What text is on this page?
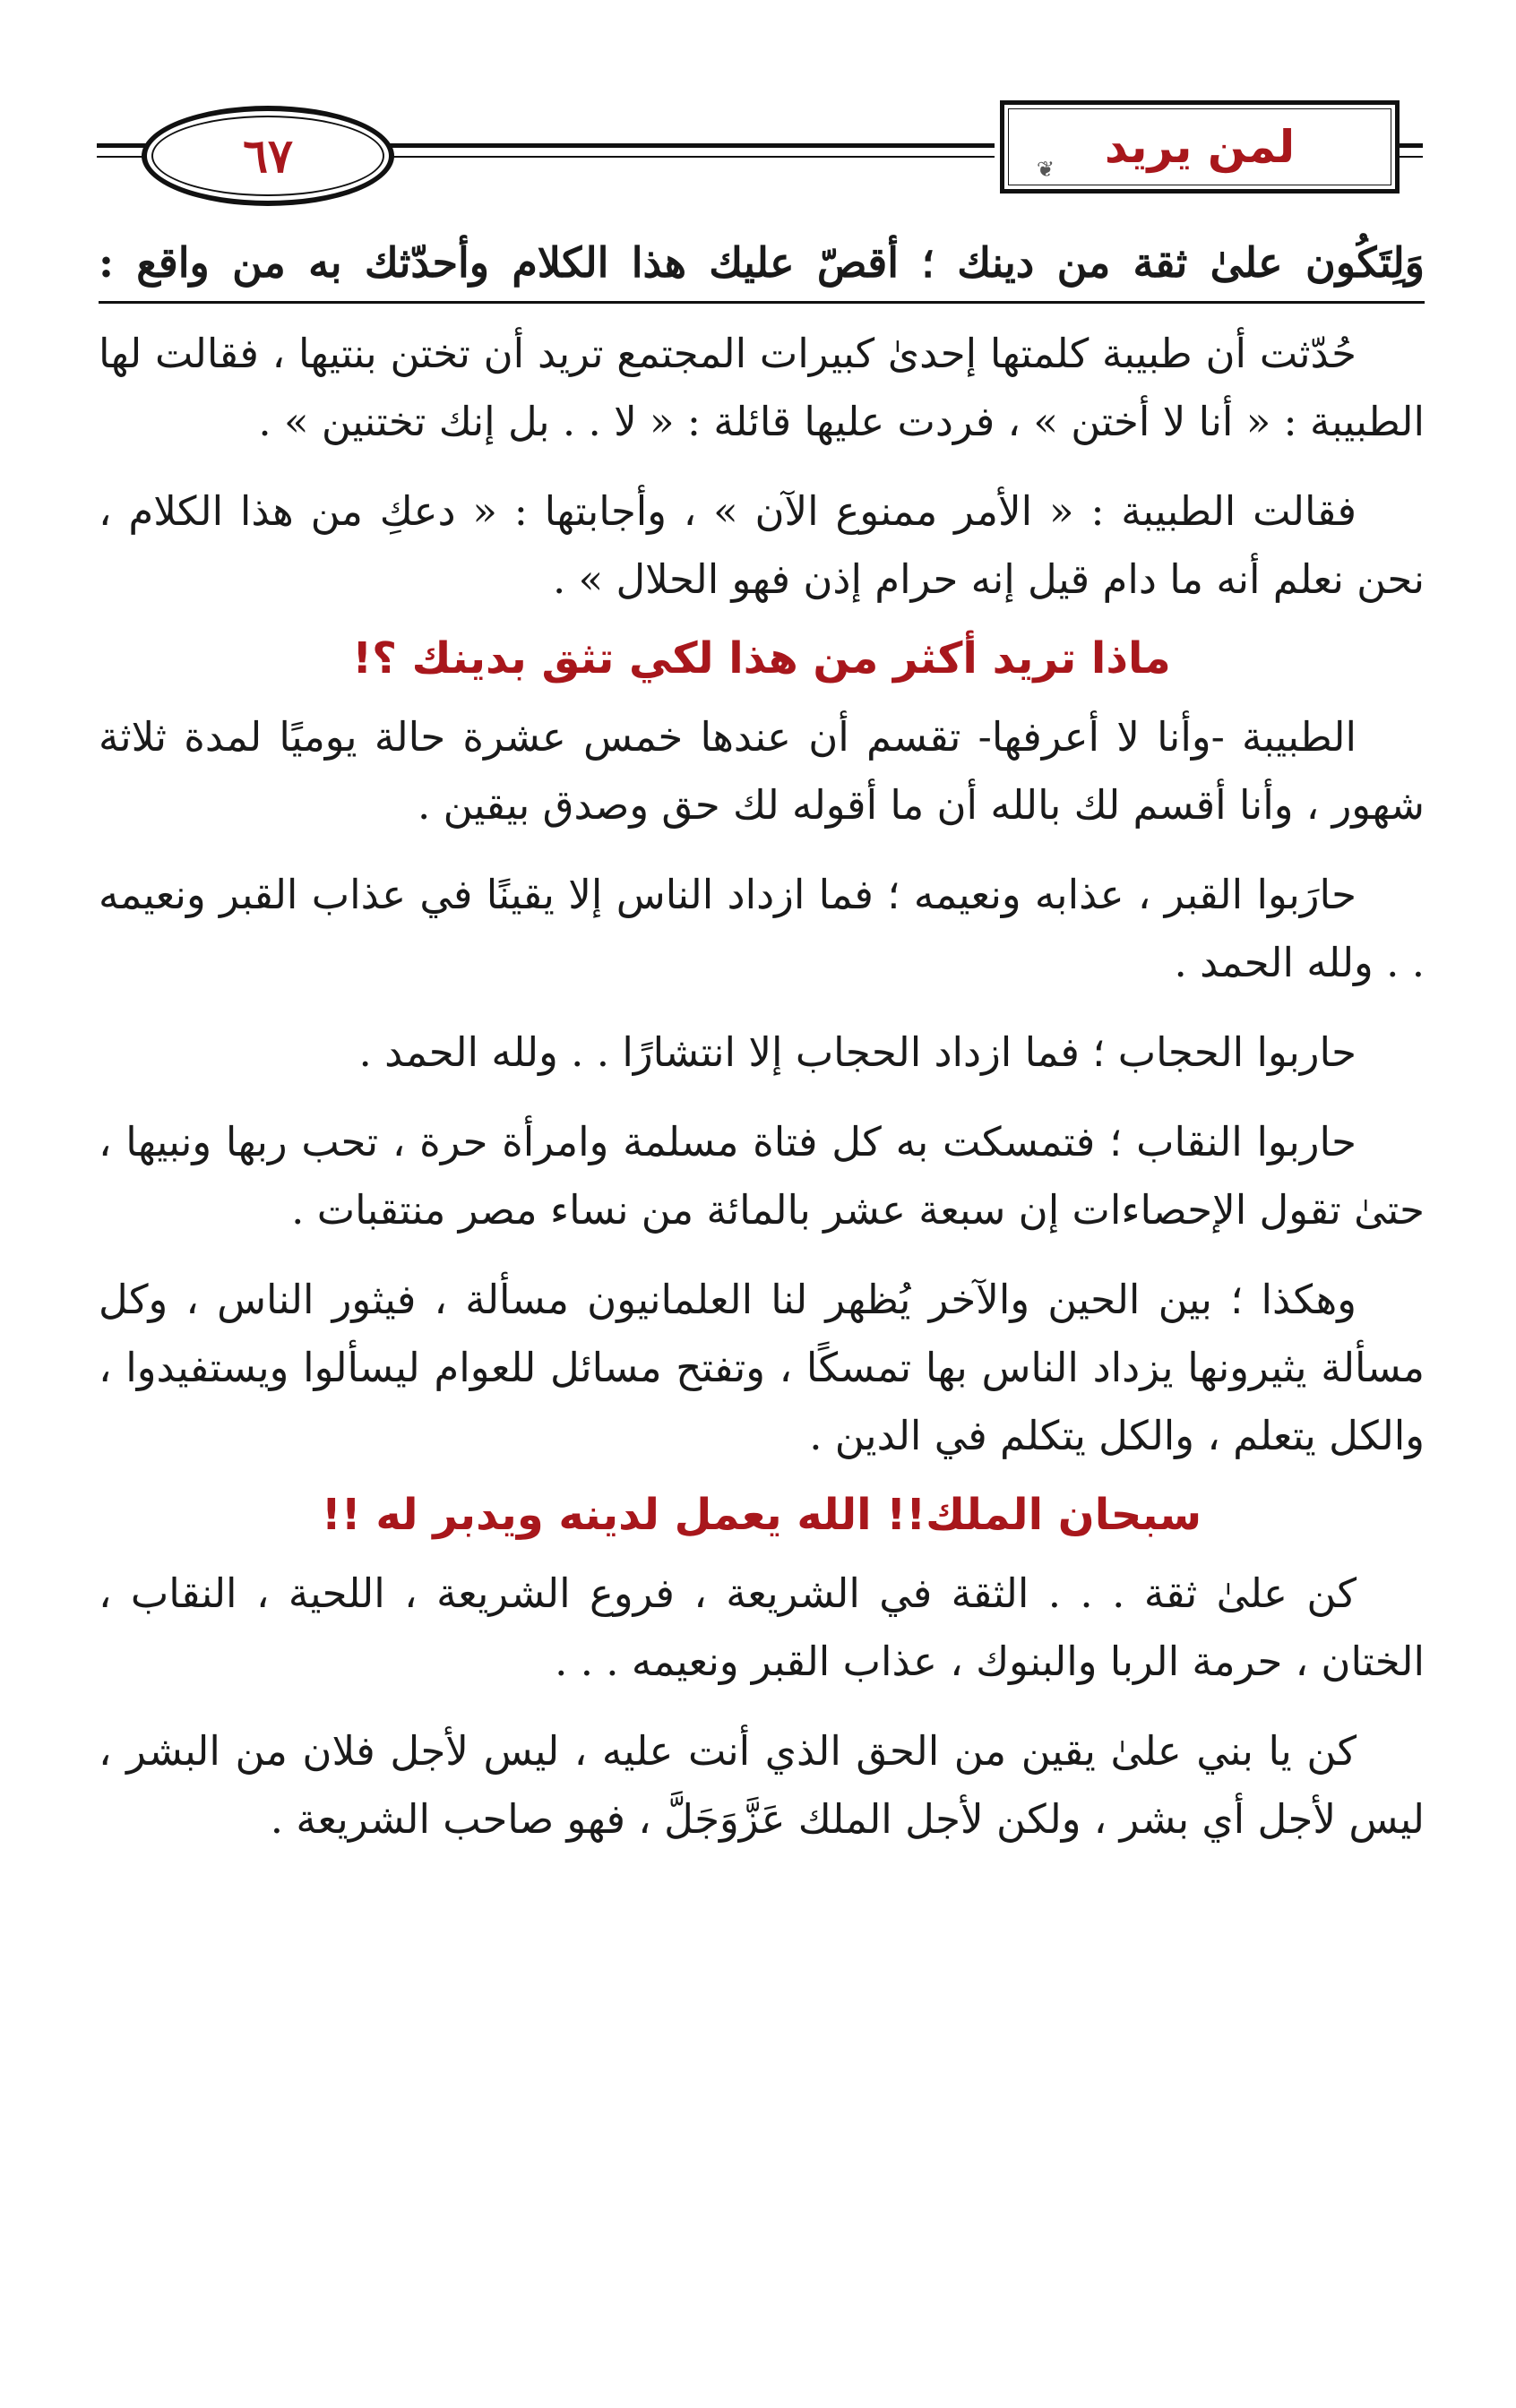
٦٧	لمن يريد
❦

وَلِتَكُون علىٰ ثقة من دينك ؛ أقصّ عليك هذا الكلام وأحدّثك به من واقع :

حُدّثت أن طبيبة كلمتها إحدىٰ كبيرات المجتمع تريد أن تختن بنتيها ، فقالت لها الطبيبة : « أنا لا أختن » ، فردت عليها قائلة : « لا . . بل إنك تختنين » .

فقالت الطبيبة : « الأمر ممنوع الآن » ، وأجابتها : « دعكِ من هذا الكلام ، نحن نعلم أنه ما دام قيل إنه حرام إذن فهو الحلال » .

ماذا تريد أكثر من هذا لكي تثق بدينك ؟!

الطبيبة -وأنا لا أعرفها- تقسم أن عندها خمس عشرة حالة يوميًا لمدة ثلاثة شهور ، وأنا أقسم لك بالله أن ما أقوله لك حق وصدق بيقين .

حارَبوا القبر ، عذابه ونعيمه ؛ فما ازداد الناس إلا يقينًا في عذاب القبر ونعيمه . . ولله الحمد .

حاربوا الحجاب ؛ فما ازداد الحجاب إلا انتشارًا . . ولله الحمد .

حاربوا النقاب ؛ فتمسكت به كل فتاة مسلمة وامرأة حرة ، تحب ربها ونبيها ، حتىٰ تقول الإحصاءات إن سبعة عشر بالمائة من نساء مصر منتقبات .

وهكذا ؛ بين الحين والآخر يُظهر لنا العلمانيون مسألة ، فيثور الناس ، وكل مسألة يثيرونها يزداد الناس بها تمسكًا ، وتفتح مسائل للعوام ليسألوا ويستفيدوا ، والكل يتعلم ، والكل يتكلم في الدين .

سبحان الملك!! الله يعمل لدينه ويدبر له !!

كن علىٰ ثقة . . . الثقة في الشريعة ، فروع الشريعة ، اللحية ، النقاب ، الختان ، حرمة الربا والبنوك ، عذاب القبر ونعيمه . . .

كن يا بني علىٰ يقين من الحق الذي أنت عليه ، ليس لأجل فلان من البشر ، ليس لأجل أي بشر ، ولكن لأجل الملك عَزَّوَجَلَّ ، فهو صاحب الشريعة .
